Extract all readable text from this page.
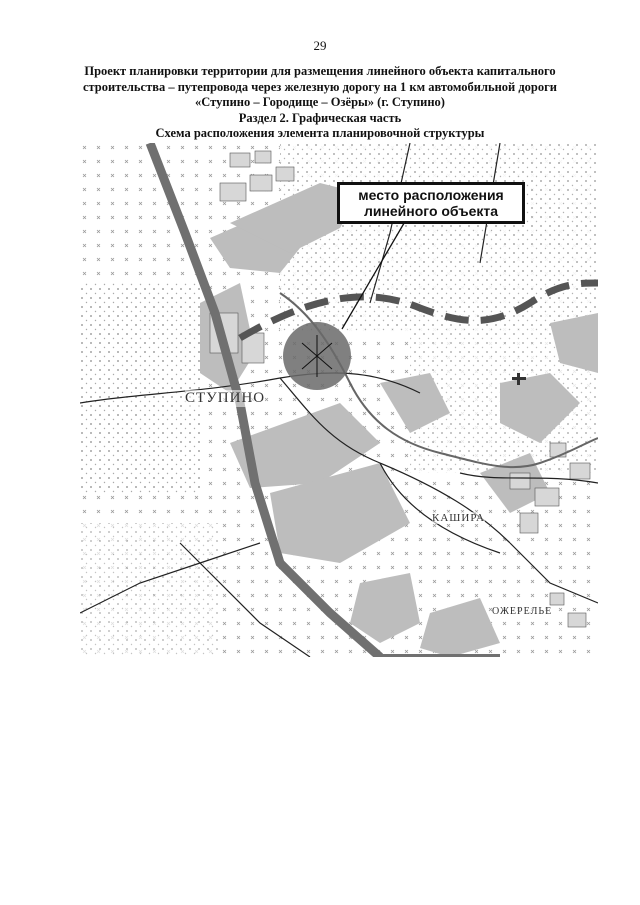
29
Проект планировки территории для размещения линейного объекта капитального
строительства – путепровода через железную дорогу на 1 км автомобильной дороги
«Ступино – Городище – Озёры» (г. Ступино)
Раздел 2. Графическая часть
Схема расположения элемента планировочной структуры
место расположения
линейного объекта
СТУПИНО
КАШИРА
ОЖЕРЕЛЬЕ
